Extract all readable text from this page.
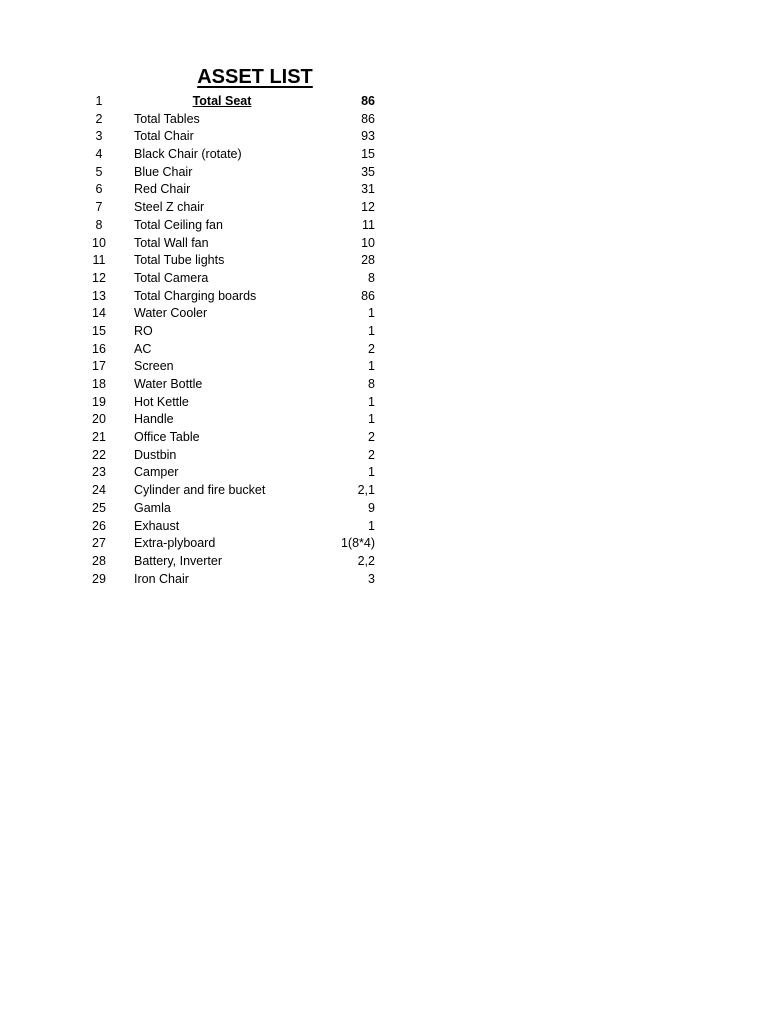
ASSET LIST
1	Total Seat	86
2	Total Tables	86
3	Total Chair	93
4	Black Chair (rotate)	15
5	Blue Chair	35
6	Red Chair	31
7	Steel Z chair	12
8	Total Ceiling fan	11
10	Total Wall fan	10
11	Total Tube lights	28
12	Total Camera	8
13	Total Charging boards	86
14	Water Cooler	1
15	RO	1
16	AC	2
17	Screen	1
18	Water Bottle	8
19	Hot Kettle	1
20	Handle	1
21	Office Table	2
22	Dustbin	2
23	Camper	1
24	Cylinder and fire bucket	2,1
25	Gamla	9
26	Exhaust	1
27	Extra-plyboard	1(8*4)
28	Battery, Inverter	2,2
29	Iron Chair	3
